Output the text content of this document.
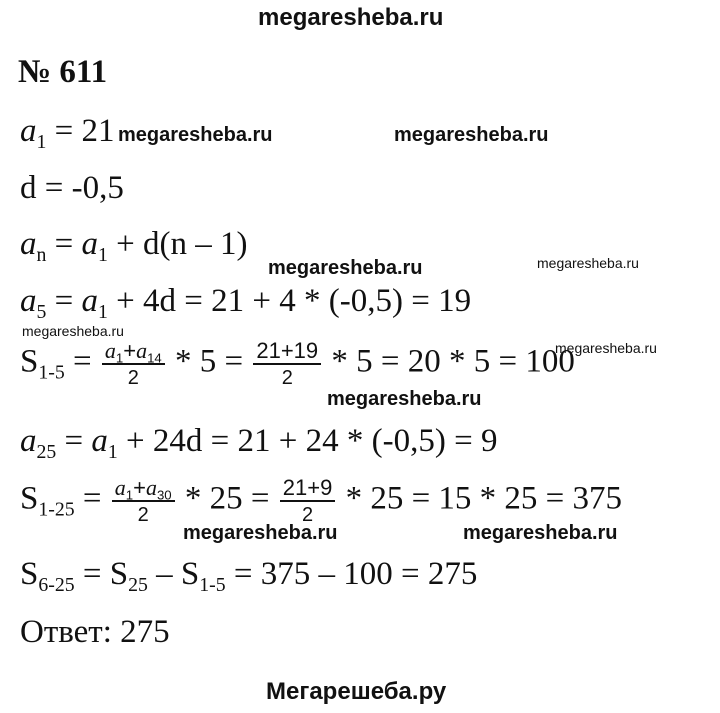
megaresheba.ru
№ 611
$a_1 = 21$
d = -0,5
$a_n = a_1 + d(n - 1)$
$a_5 = a_1 + 4d = 21 + 4 * (-0,5) = 19$
$S_{1-5} = \frac{a_1+a_{14}}{2} * 5 = \frac{21+19}{2} * 5 = 20 * 5 = 100$
$a_{25} = a_1 + 24d = 21 + 24 * (-0,5) = 9$
$S_{1-25} = \frac{a_1+a_{30}}{2} * 25 = \frac{21+9}{2} * 25 = 15 * 25 = 375$
$S_{6-25} = S_{25} - S_{1-5} = 375 - 100 = 275$
Ответ: 275
megaresheba.ru	megaresheba.ru
megaresheba.ru	megaresheba.ru
megaresheba.ru
megaresheba.ru
megaresheba.ru
megaresheba.ru	megaresheba.ru
Мегарешеба.ру
